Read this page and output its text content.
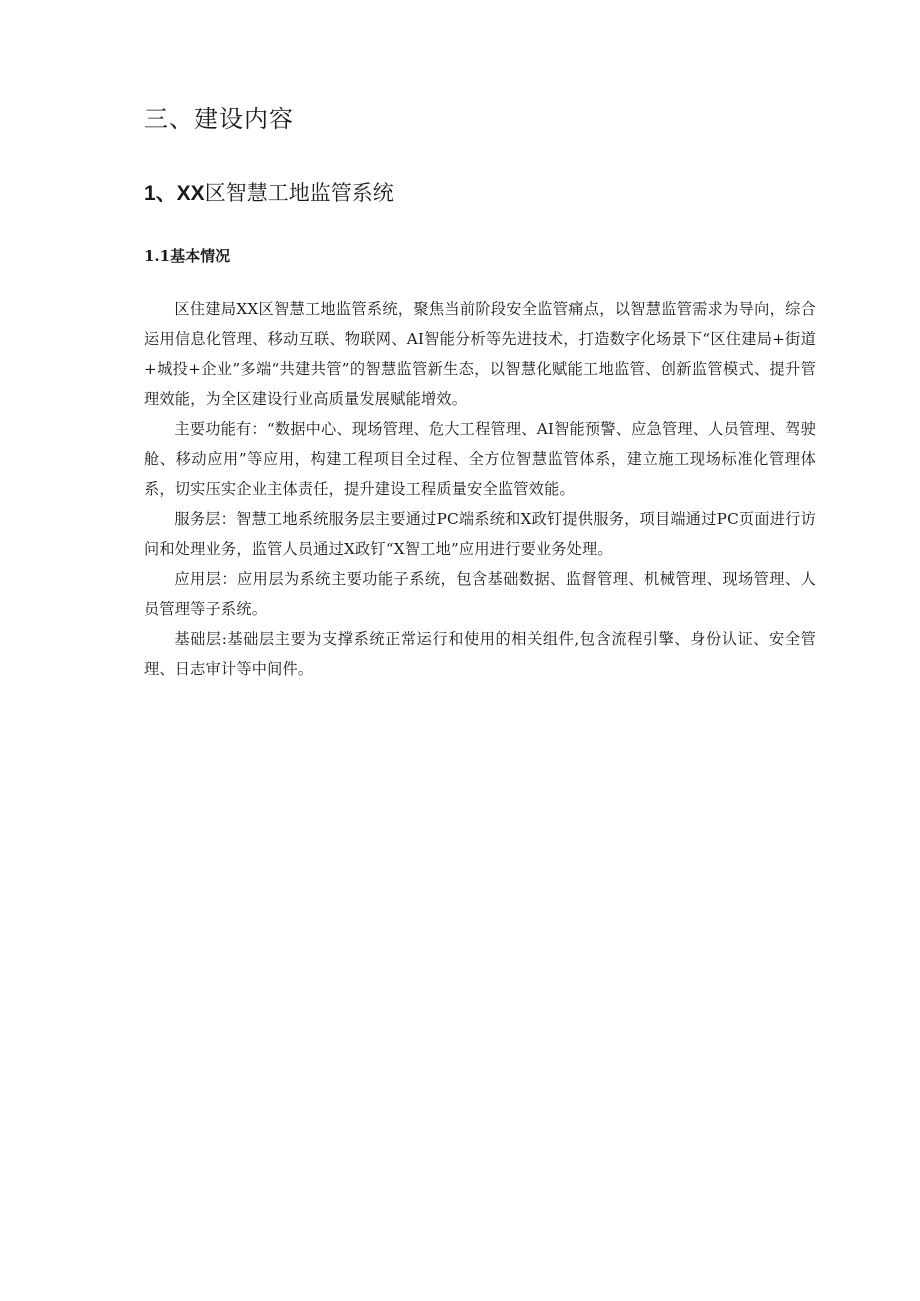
三、建设内容
1、XX区智慧工地监管系统
1.1基本情况

区住建局XX区智慧工地监管系统，聚焦当前阶段安全监管痛点，以智慧监管需求为导向，综合运用信息化管理、移动互联、物联网、AI智能分析等先进技术，打造数字化场景下“区住建局+街道+城投+企业”多端“共建共管”的智慧监管新生态，以智慧化赋能工地监管、创新监管模式、提升管理效能，为全区建设行业高质量发展赋能增效。

主要功能有：“数据中心、现场管理、危大工程管理、AI智能预警、应急管理、人员管理、驾驶舱、移动应用”等应用，构建工程项目全过程、全方位智慧监管体系，建立施工现场标准化管理体系，切实压实企业主体责任，提升建设工程质量安全监管效能。

服务层：智慧工地系统服务层主要通过PC端系统和X政钉提供服务，项目端通过PC页面进行访问和处理业务，监管人员通过X政钉“X智工地”应用进行要业务处理。

应用层：应用层为系统主要功能子系统，包含基础数据、监督管理、机械管理、现场管理、人员管理等子系统。

基础层:基础层主要为支撑系统正常运行和使用的相关组件,包含流程引擎、身份认证、安全管理、日志审计等中间件。
